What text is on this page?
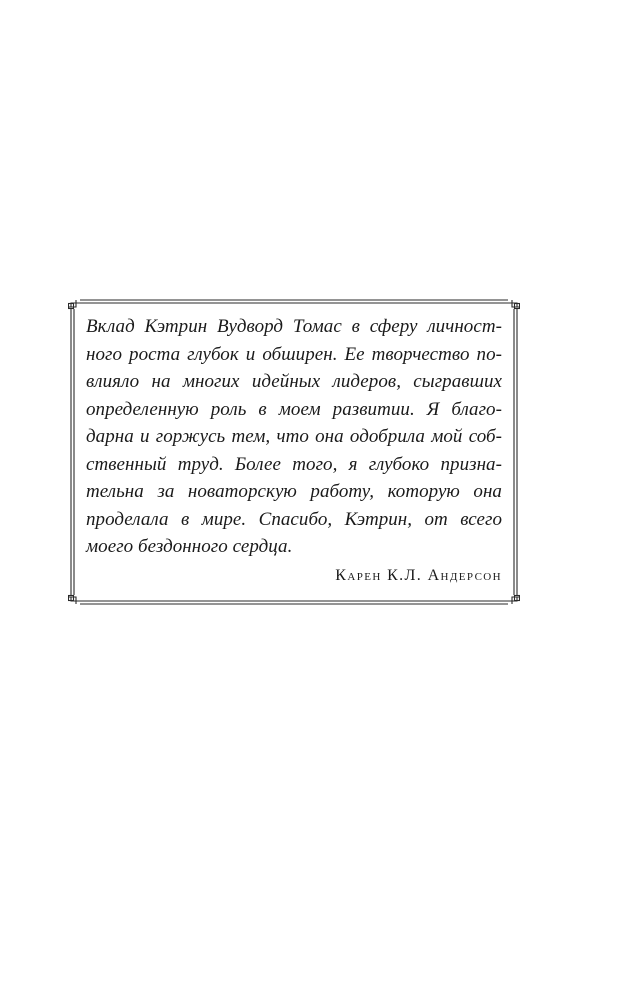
Вклад Кэтрин Вудворд Томас в сферу личност-
ного роста глубок и обширен. Ее творчество по-
влияло на многих идейных лидеров, сыгравших
определенную роль в моем развитии. Я благо-
дарна и горжусь тем, что она одобрила мой соб-
ственный труд. Более того, я глубоко призна-
тельна за новаторскую работу, которую она
проделала в мире. Спасибо, Кэтрин, от всего
моего бездонного сердца.
Карен К.Л. Андерсон
